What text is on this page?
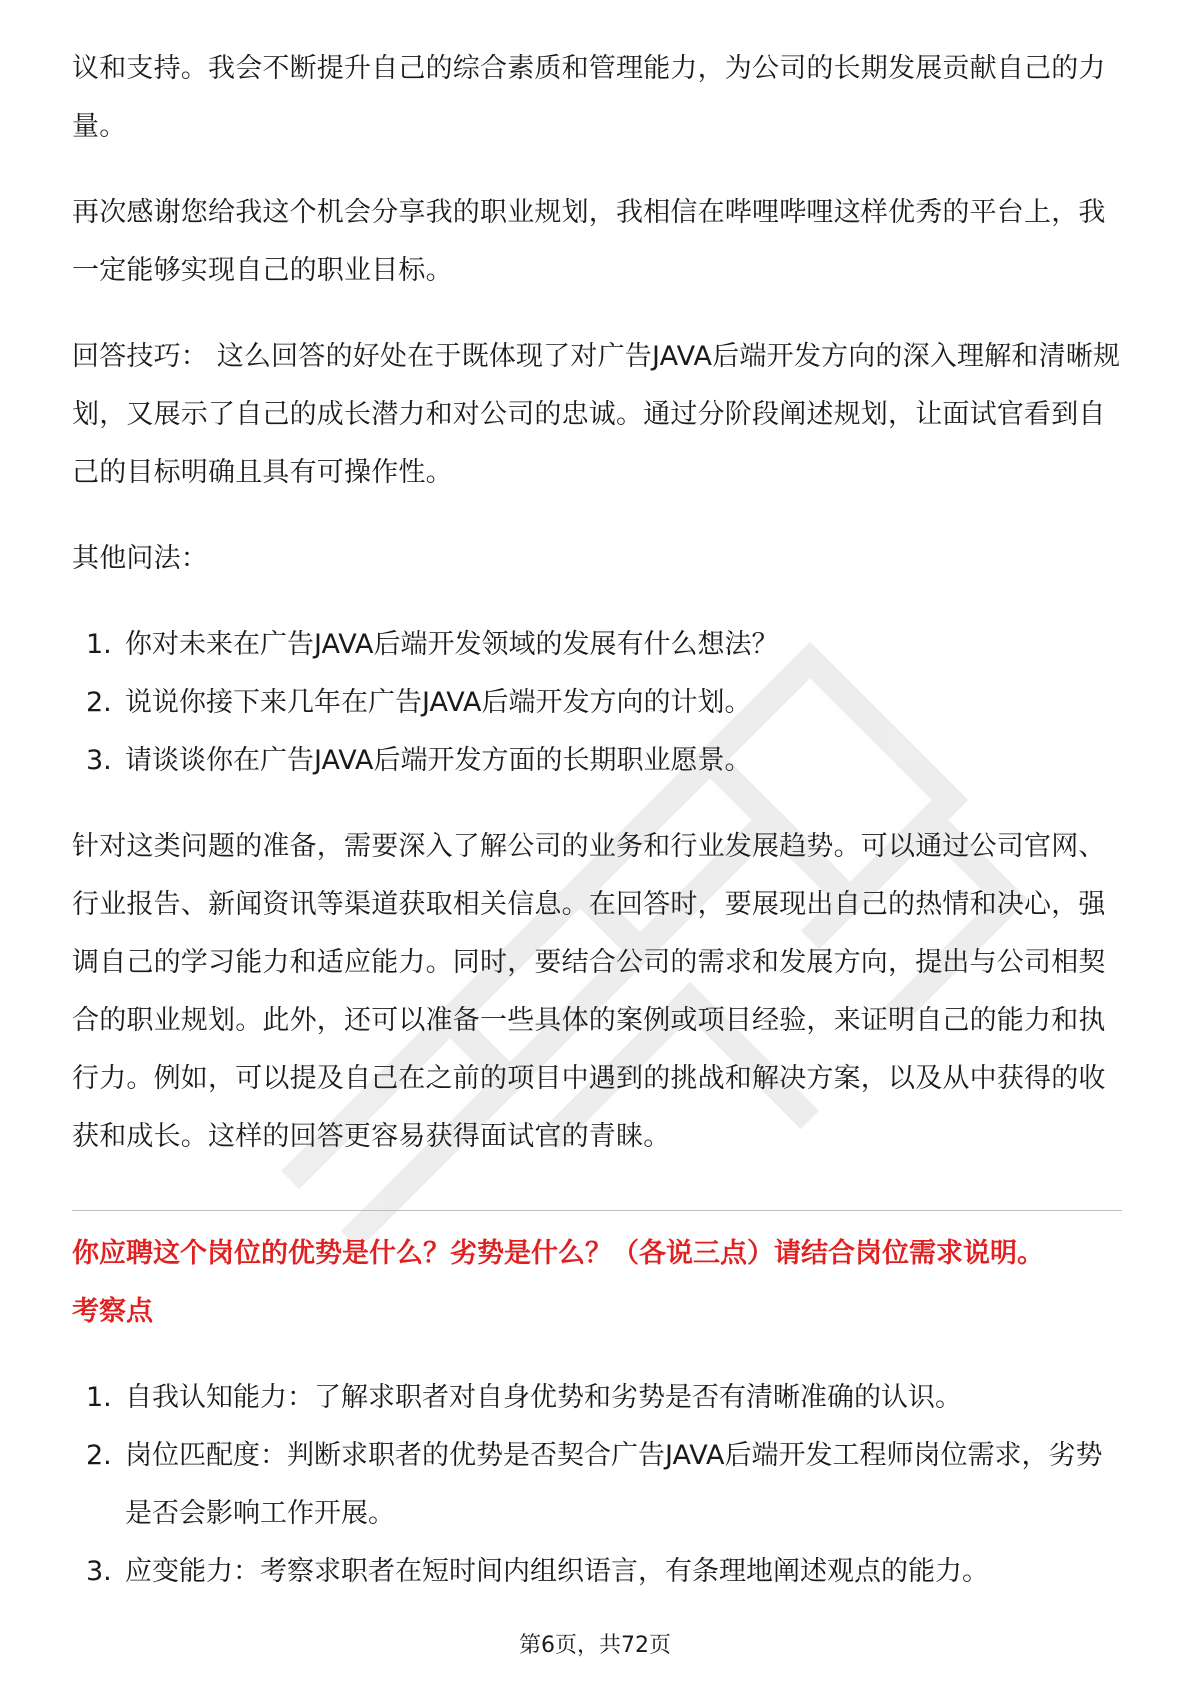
议和支持。我会不断提升自己的综合素质和管理能力，为公司的长期发展贡献自己的力量。

再次感谢您给我这个机会分享我的职业规划，我相信在哔哩哔哩这样优秀的平台上，我一定能够实现自己的职业目标。

回答技巧： 这么回答的好处在于既体现了对广告JAVA后端开发方向的深入理解和清晰规划，又展示了自己的成长潜力和对公司的忠诚。通过分阶段阐述规划，让面试官看到自己的目标明确且具有可操作性。

其他问法：

1. 你对未来在广告JAVA后端开发领域的发展有什么想法？
2. 说说你接下来几年在广告JAVA后端开发方向的计划。
3. 请谈谈你在广告JAVA后端开发方面的长期职业愿景。

针对这类问题的准备，需要深入了解公司的业务和行业发展趋势。可以通过公司官网、行业报告、新闻资讯等渠道获取相关信息。在回答时，要展现出自己的热情和决心，强调自己的学习能力和适应能力。同时，要结合公司的需求和发展方向，提出与公司相契合的职业规划。此外，还可以准备一些具体的案例或项目经验，来证明自己的能力和执行力。例如，可以提及自己在之前的项目中遇到的挑战和解决方案，以及从中获得的收获和成长。这样的回答更容易获得面试官的青睐。

你应聘这个岗位的优势是什么？劣势是什么？（各说三点）请结合岗位需求说明。

考察点

1. 自我认知能力：了解求职者对自身优势和劣势是否有清晰准确的认识。
2. 岗位匹配度：判断求职者的优势是否契合广告JAVA后端开发工程师岗位需求，劣势是否会影响工作开展。
3. 应变能力：考察求职者在短时间内组织语言，有条理地阐述观点的能力。
第6页，共72页
